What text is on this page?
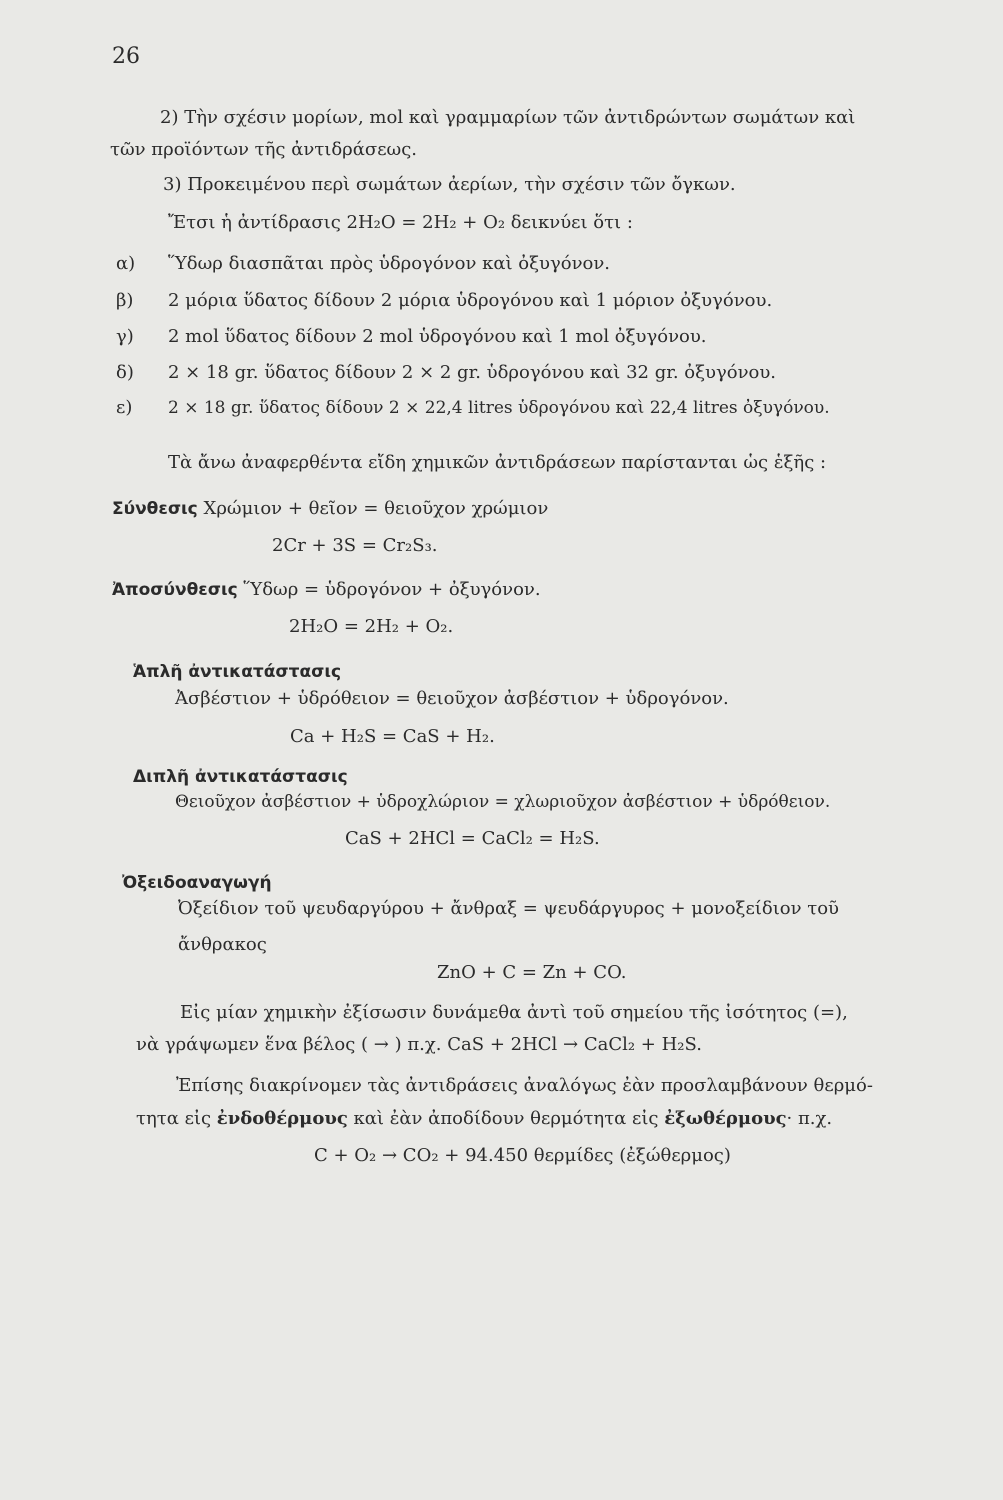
26
2) Τὴν σχέσιν μορίων, mol καὶ γραμμαρίων τῶν ἀντιδρώντων σωμάτων καὶ
τῶν προϊόντων τῆς ἀντιδράσεως.
3) Προκειμένου περὶ σωμάτων ἀερίων, τὴν σχέσιν τῶν ὄγκων.
Ἔτσι ἡ ἀντίδρασις 2H₂O = 2H₂ + O₂ δεικνύει ὅτι :
α) Ὕδωρ διασπᾶται πρὸς ὑδρογόνον καὶ ὀξυγόνον.
β) 2 μόρια ὕδατος δίδουν 2 μόρια ὑδρογόνου καὶ 1 μόριον ὀξυγόνου.
γ) 2 mol ὕδατος δίδουν 2 mol ὑδρογόνου καὶ 1 mol ὀξυγόνου.
δ) 2 × 18 gr. ὕδατος δίδουν 2 × 2 gr. ὑδρογόνου καὶ 32 gr. ὀξυγόνου.
ε) 2 × 18 gr. ὕδατος δίδουν 2 × 22,4 litres ὑδρογόνου καὶ 22,4 litres ὀξυγόνου.
Τὰ ἄνω ἀναφερθέντα εἴδη χημικῶν ἀντιδράσεων παρίστανται ὡς ἑξῆς :
Σύνθεσις Χρώμιον + θεῖον = θειοῦχον χρώμιον
2Cr + 3S = Cr₂S₃.
Ἀποσύνθεσις Ὕδωρ = ὑδρογόνον + ὀξυγόνον.
2H₂O = 2H₂ + O₂.
Ἁπλῆ ἀντικατάστασις
Ἀσβέστιον + ὑδρόθειον = θειοῦχον ἀσβέστιον + ὑδρογόνον.
Ca + H₂S = CaS + H₂.
Διπλῆ ἀντικατάστασις
Θειοῦχον ἀσβέστιον + ὑδροχλώριον = χλωριοῦχον ἀσβέστιον + ὑδρόθειον.
CaS + 2HCl = CaCl₂ = H₂S.
Ὀξειδοαναγωγή
Ὀξείδιον τοῦ ψευδαργύρου + ἄνθραξ = ψευδάργυρος + μονοξείδιον τοῦ
ἄνθρακος
ZnO + C = Zn + CO.
Εἰς μίαν χημικὴν ἐξίσωσιν δυνάμεθα ἀντὶ τοῦ σημείου τῆς ἰσότητος (=),
νὰ γράψωμεν ἕνα βέλος ( → ) π.χ. CaS + 2HCl → CaCl₂ + H₂S.
Ἐπίσης διακρίνομεν τὰς ἀντιδράσεις ἀναλόγως ἐὰν προσλαμβάνουν θερμό-
τητα εἰς ἐνδοθέρμους καὶ ἐὰν ἀποδίδουν θερμότητα εἰς ἐξωθέρμους· π.χ.
C + O₂ → CO₂ + 94.450 θερμίδες (ἐξώθερμος)
